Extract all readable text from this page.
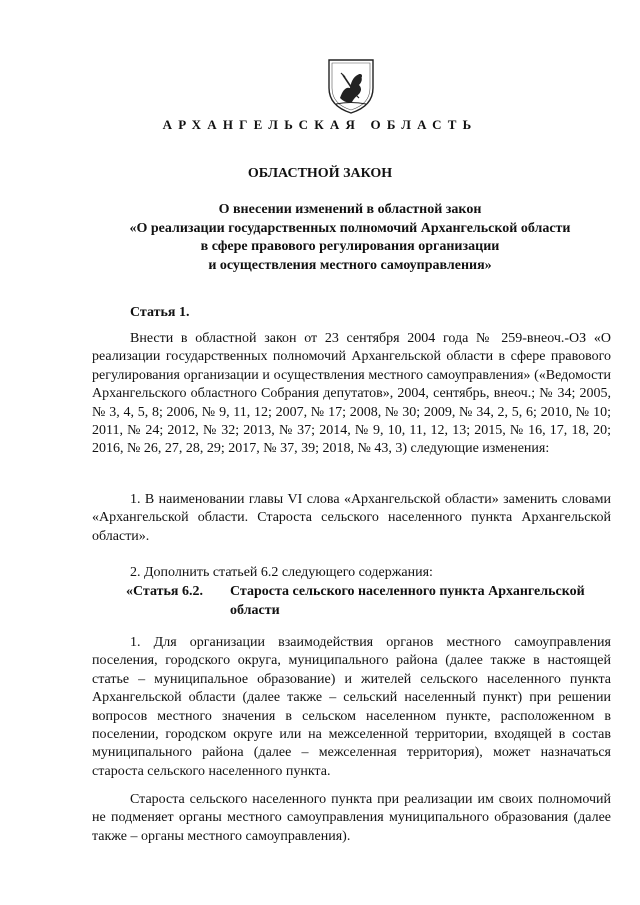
АРХАНГЕЛЬСКАЯ ОБЛАСТЬ
ОБЛАСТНОЙ ЗАКОН
О внесении изменений в областной закон
«О реализации государственных полномочий Архангельской области
в сфере правового регулирования организации
и осуществления местного самоуправления»
Статья 1.

Внести в областной закон от 23 сентября 2004 года № 259-внеоч.-ОЗ «О реализации государственных полномочий Архангельской области в сфере правового регулирования организации и осуществления местного самоуправления» («Ведомости Архангельского областного Собрания депутатов», 2004, сентябрь, внеоч.; № 34; 2005, № 3, 4, 5, 8; 2006, № 9, 11, 12; 2007, № 17; 2008, № 30; 2009, № 34, 2, 5, 6; 2010, № 10; 2011, № 24; 2012, № 32; 2013, № 37; 2014, № 9, 10, 11, 12, 13; 2015, № 16, 17, 18, 20; 2016, № 26, 27, 28, 29; 2017, № 37, 39; 2018, № 43, 3) следующие изменения:

1. В наименовании главы VI слова «Архангельской области» заменить словами «Архангельской области. Староста сельского населенного пункта Архангельской области».

2. Дополнить статьей 6.2 следующего содержания:

«Статья 6.2. Староста сельского населенного пункта Архангельской области

1. Для организации взаимодействия органов местного самоуправления поселения, городского округа, муниципального района (далее также в настоящей статье – муниципальное образование) и жителей сельского населенного пункта Архангельской области (далее также – сельский населенный пункт) при решении вопросов местного значения в сельском населенном пункте, расположенном в поселении, городском округе или на межселенной территории, входящей в состав муниципального района (далее – межселенная территория), может назначаться староста сельского населенного пункта.

Староста сельского населенного пункта при реализации им своих полномочий не подменяет органы местного самоуправления муниципального образования (далее также – органы местного самоуправления).
